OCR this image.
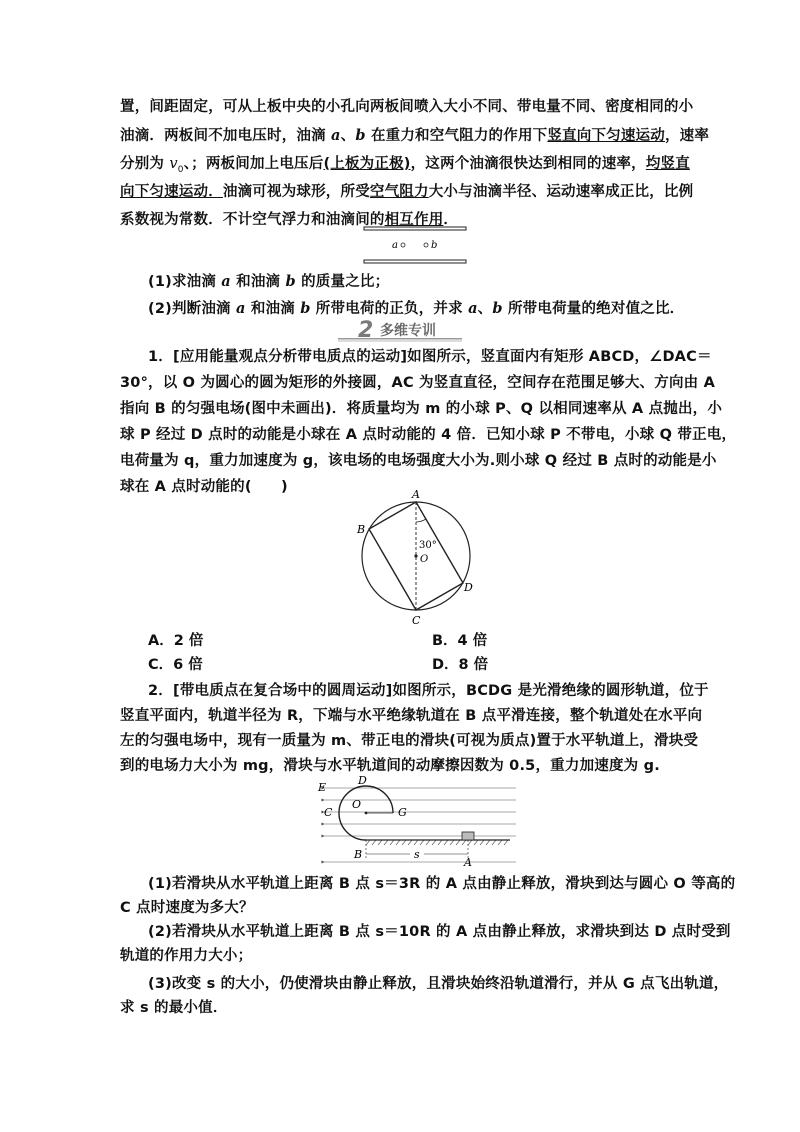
置，间距固定，可从上板中央的小孔向两板间喷入大小不同、带电量不同、密度相同的小
油滴．两板间不加电压时，油滴 a、b 在重力和空气阻力的作用下竖直向下匀速运动，速率
分别为 $v_0$、；两板间加上电压后(上板为正极)，这两个油滴很快达到相同的速率，均竖直
向下匀速运动．油滴可视为球形，所受空气阻力大小与油滴半径、运动速率成正比，比例
系数视为常数．不计空气浮力和油滴间的相互作用．
a	b
(1)求油滴 a 和油滴 b 的质量之比；
(2)判断油滴 a 和油滴 b 所带电荷的正负，并求 a、b 所带电荷量的绝对值之比．
2 多维专训
1．[应用能量观点分析带电质点的运动]如图所示，竖直面内有矩形 ABCD，∠DAC＝
30°，以 O 为圆心的圆为矩形的外接圆，AC 为竖直直径，空间存在范围足够大、方向由 A
指向 B 的匀强电场(图中未画出)．将质量均为 m 的小球 P、Q 以相同速率从 A 点抛出，小
球 P 经过 D 点时的动能是小球在 A 点时动能的 4 倍．已知小球 P 不带电，小球 Q 带正电，
电荷量为 q，重力加速度为 g，该电场的电场强度大小为.则小球 Q 经过 B 点时的动能是小
球在 A 点时动能的(　　)	A
B
C
D
O
30°
A．2 倍	B．4 倍
C．6 倍	D．8 倍
2．[带电质点在复合场中的圆周运动]如图所示，BCDG 是光滑绝缘的圆形轨道，位于
竖直平面内，轨道半径为 R，下端与水平绝缘轨道在 B 点平滑连接，整个轨道处在水平向
左的匀强电场中，现有一质量为 m、带正电的滑块(可视为质点)置于水平轨道上，滑块受
到的电场力大小为 mg，滑块与水平轨道间的动摩擦因数为 0.5，重力加速度为 g.
D
E
O
C	G
B	s
A
(1)若滑块从水平轨道上距离 B 点 s＝3R 的 A 点由静止释放，滑块到达与圆心 O 等高的
C 点时速度为多大？
(2)若滑块从水平轨道上距离 B 点 s＝10R 的 A 点由静止释放，求滑块到达 D 点时受到
轨道的作用力大小；
(3)改变 s 的大小，仍使滑块由静止释放，且滑块始终沿轨道滑行，并从 G 点飞出轨道，
求 s 的最小值．
